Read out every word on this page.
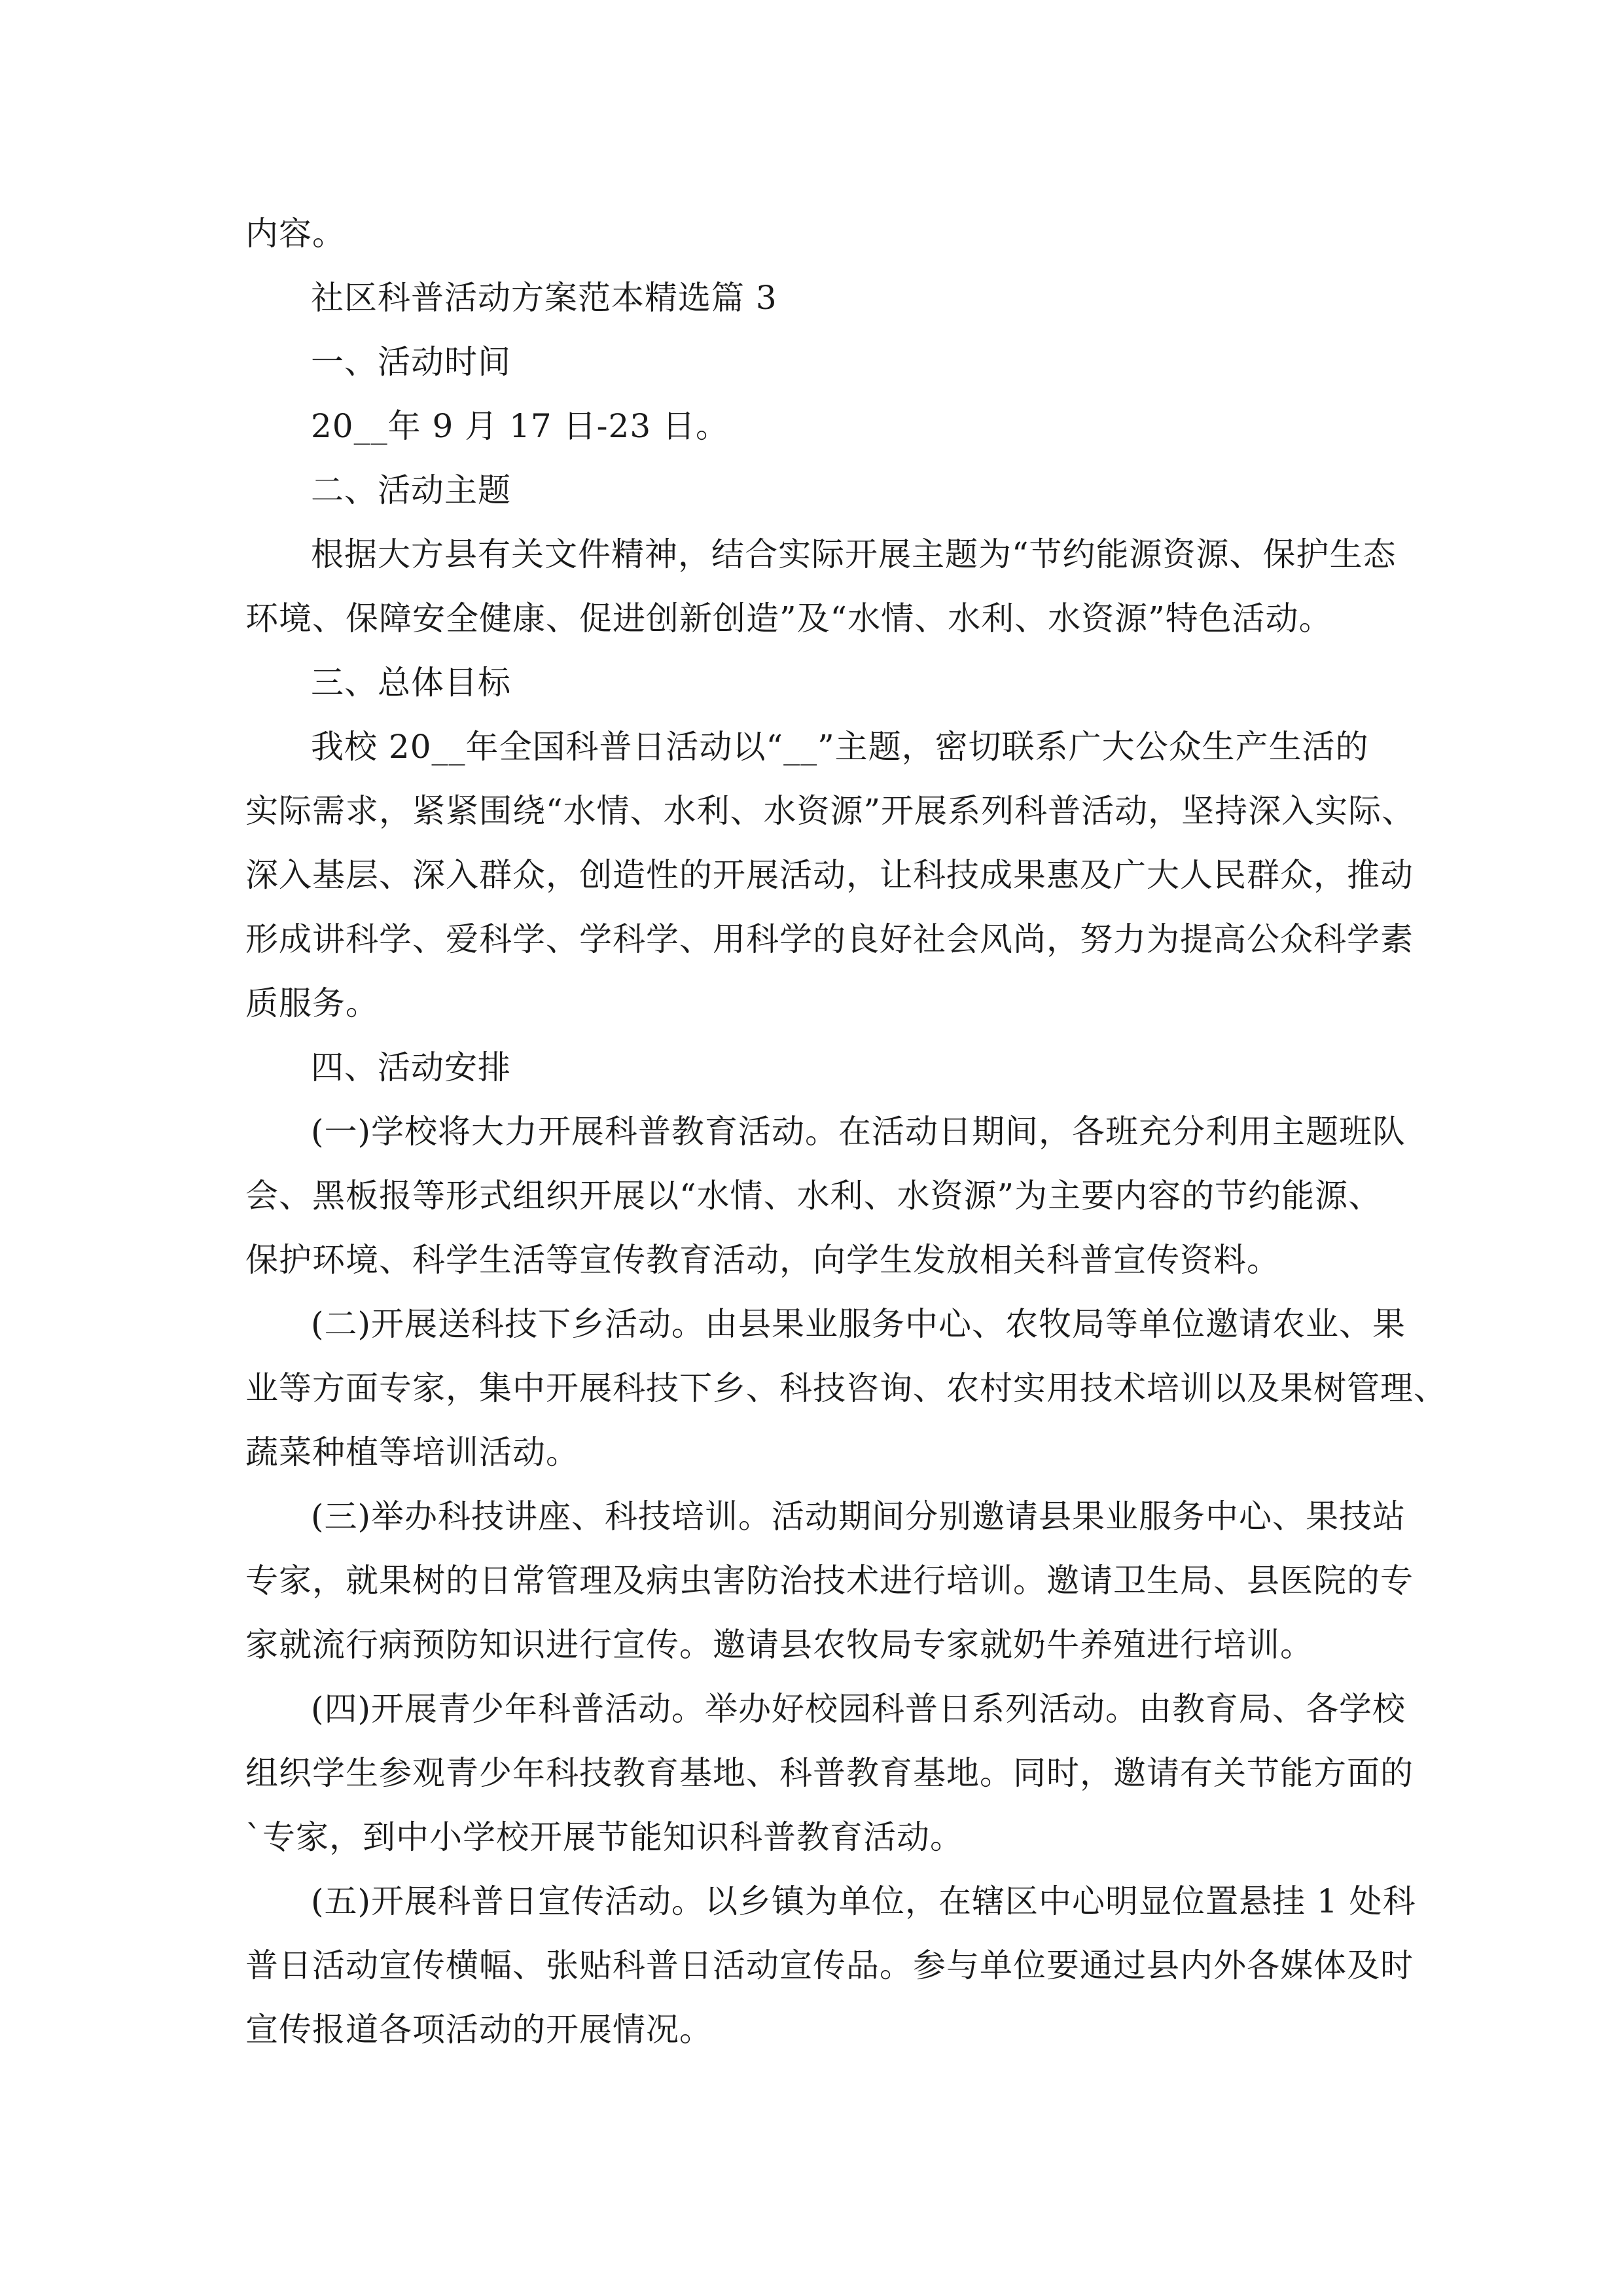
内容。
社区科普活动方案范本精选篇 3
一、活动时间
20__年 9 月 17 日-23 日。
二、活动主题
根据大方县有关文件精神，结合实际开展主题为“节约能源资源、保护生态
环境、保障安全健康、促进创新创造”及“水情、水利、水资源”特色活动。
三、总体目标
我校 20__年全国科普日活动以“__”主题，密切联系广大公众生产生活的
实际需求，紧紧围绕“水情、水利、水资源”开展系列科普活动，坚持深入实际、
深入基层、深入群众，创造性的开展活动，让科技成果惠及广大人民群众，推动
形成讲科学、爱科学、学科学、用科学的良好社会风尚，努力为提高公众科学素
质服务。
四、活动安排
(一)学校将大力开展科普教育活动。在活动日期间，各班充分利用主题班队
会、黑板报等形式组织开展以“水情、水利、水资源”为主要内容的节约能源、
保护环境、科学生活等宣传教育活动，向学生发放相关科普宣传资料。
(二)开展送科技下乡活动。由县果业服务中心、农牧局等单位邀请农业、果
业等方面专家，集中开展科技下乡、科技咨询、农村实用技术培训以及果树管理、
蔬菜种植等培训活动。
(三)举办科技讲座、科技培训。活动期间分别邀请县果业服务中心、果技站
专家，就果树的日常管理及病虫害防治技术进行培训。邀请卫生局、县医院的专
家就流行病预防知识进行宣传。邀请县农牧局专家就奶牛养殖进行培训。
(四)开展青少年科普活动。举办好校园科普日系列活动。由教育局、各学校
组织学生参观青少年科技教育基地、科普教育基地。同时，邀请有关节能方面的
`专家，到中小学校开展节能知识科普教育活动。
(五)开展科普日宣传活动。以乡镇为单位，在辖区中心明显位置悬挂 1 处科
普日活动宣传横幅、张贴科普日活动宣传品。参与单位要通过县内外各媒体及时
宣传报道各项活动的开展情况。
